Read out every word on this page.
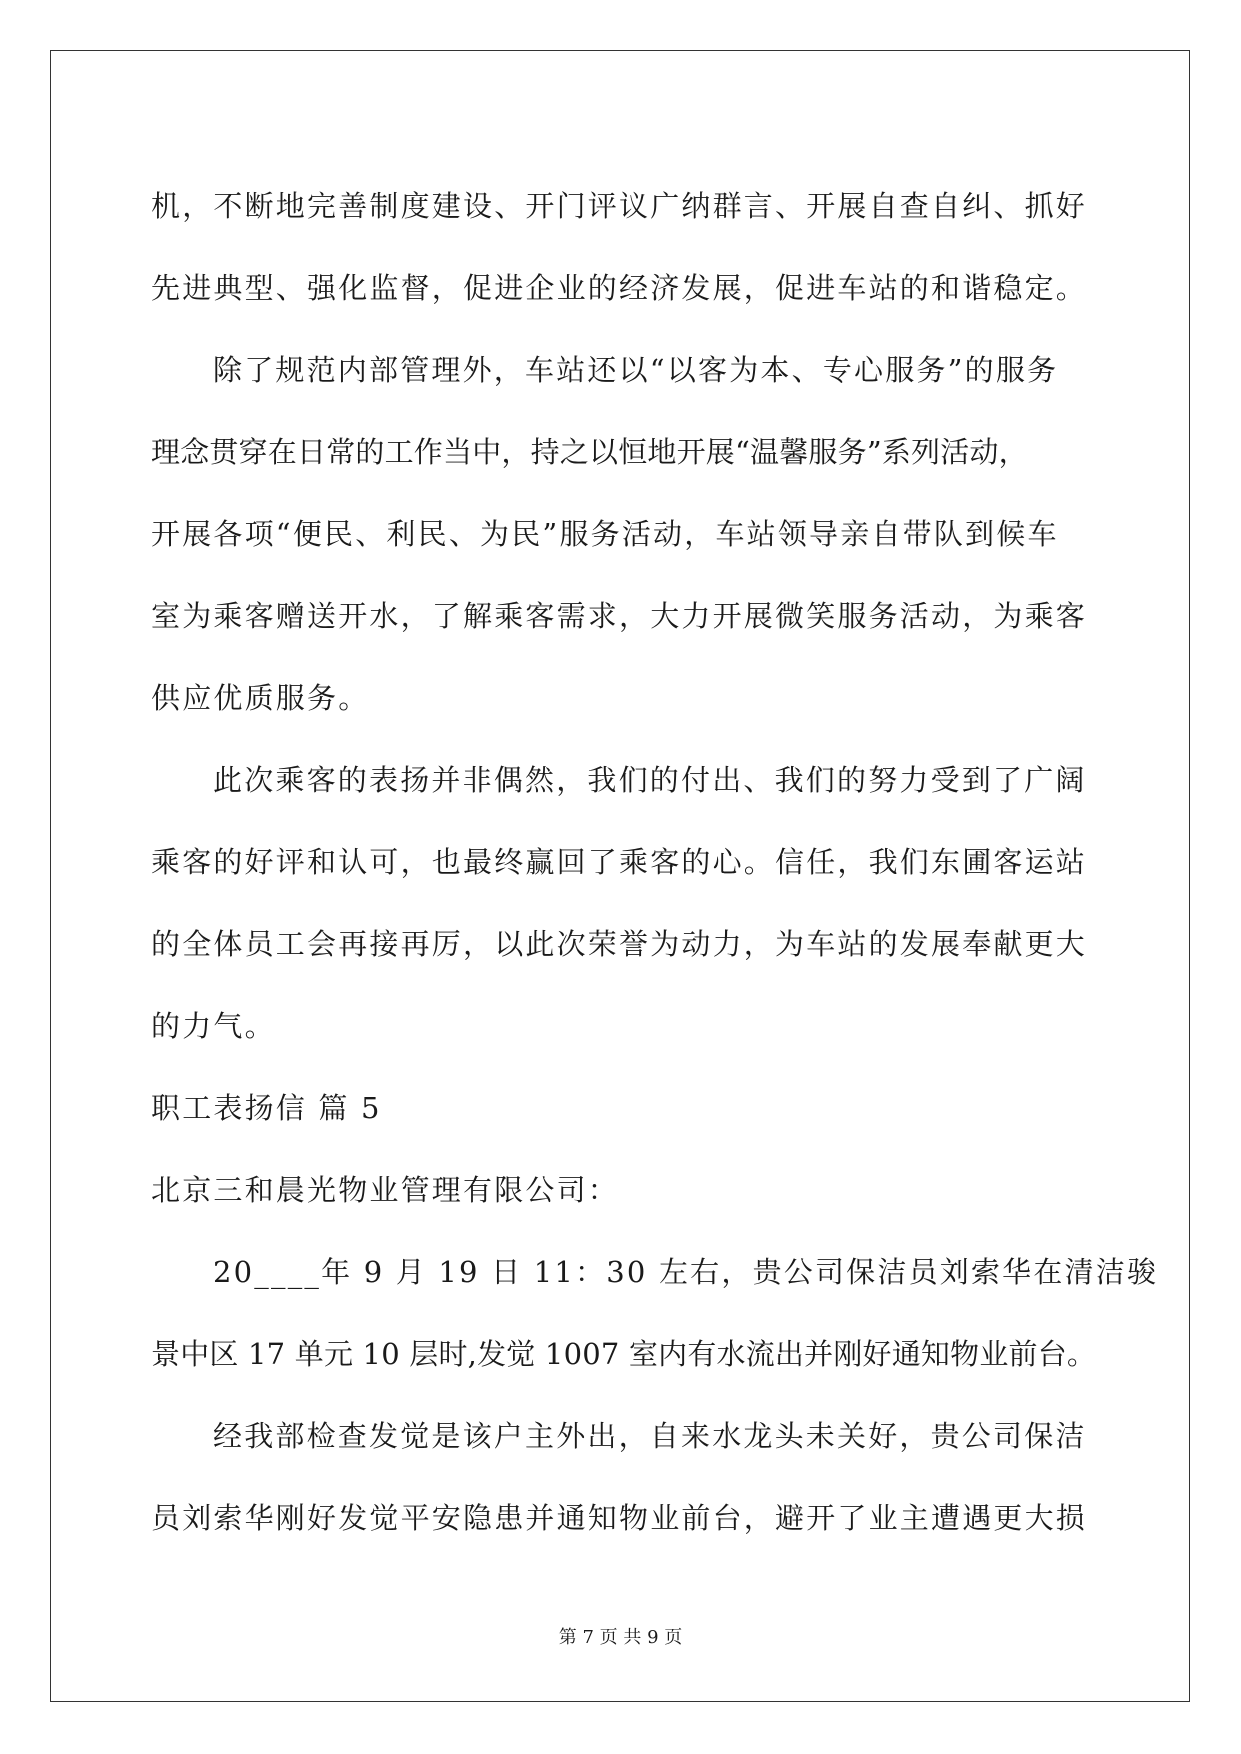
机，不断地完善制度建设、开门评议广纳群言、开展自查自纠、抓好
先进典型、强化监督，促进企业的经济发展，促进车站的和谐稳定。
除了规范内部管理外，车站还以“以客为本、专心服务”的服务
理念贯穿在日常的工作当中，持之以恒地开展“温馨服务”系列活动，
开展各项“便民、利民、为民”服务活动，车站领导亲自带队到候车
室为乘客赠送开水，了解乘客需求，大力开展微笑服务活动，为乘客
供应优质服务。
此次乘客的表扬并非偶然，我们的付出、我们的努力受到了广阔
乘客的好评和认可，也最终赢回了乘客的心。信任，我们东圃客运站
的全体员工会再接再厉，以此次荣誉为动力，为车站的发展奉献更大
的力气。
职工表扬信 篇 5
北京三和晨光物业管理有限公司：
20____年 9 月 19 日 11：30 左右，贵公司保洁员刘索华在清洁骏
景中区 17 单元 10 层时,发觉 1007 室内有水流出并刚好通知物业前台。
经我部检查发觉是该户主外出，自来水龙头未关好，贵公司保洁
员刘索华刚好发觉平安隐患并通知物业前台，避开了业主遭遇更大损
第 7 页 共 9 页
